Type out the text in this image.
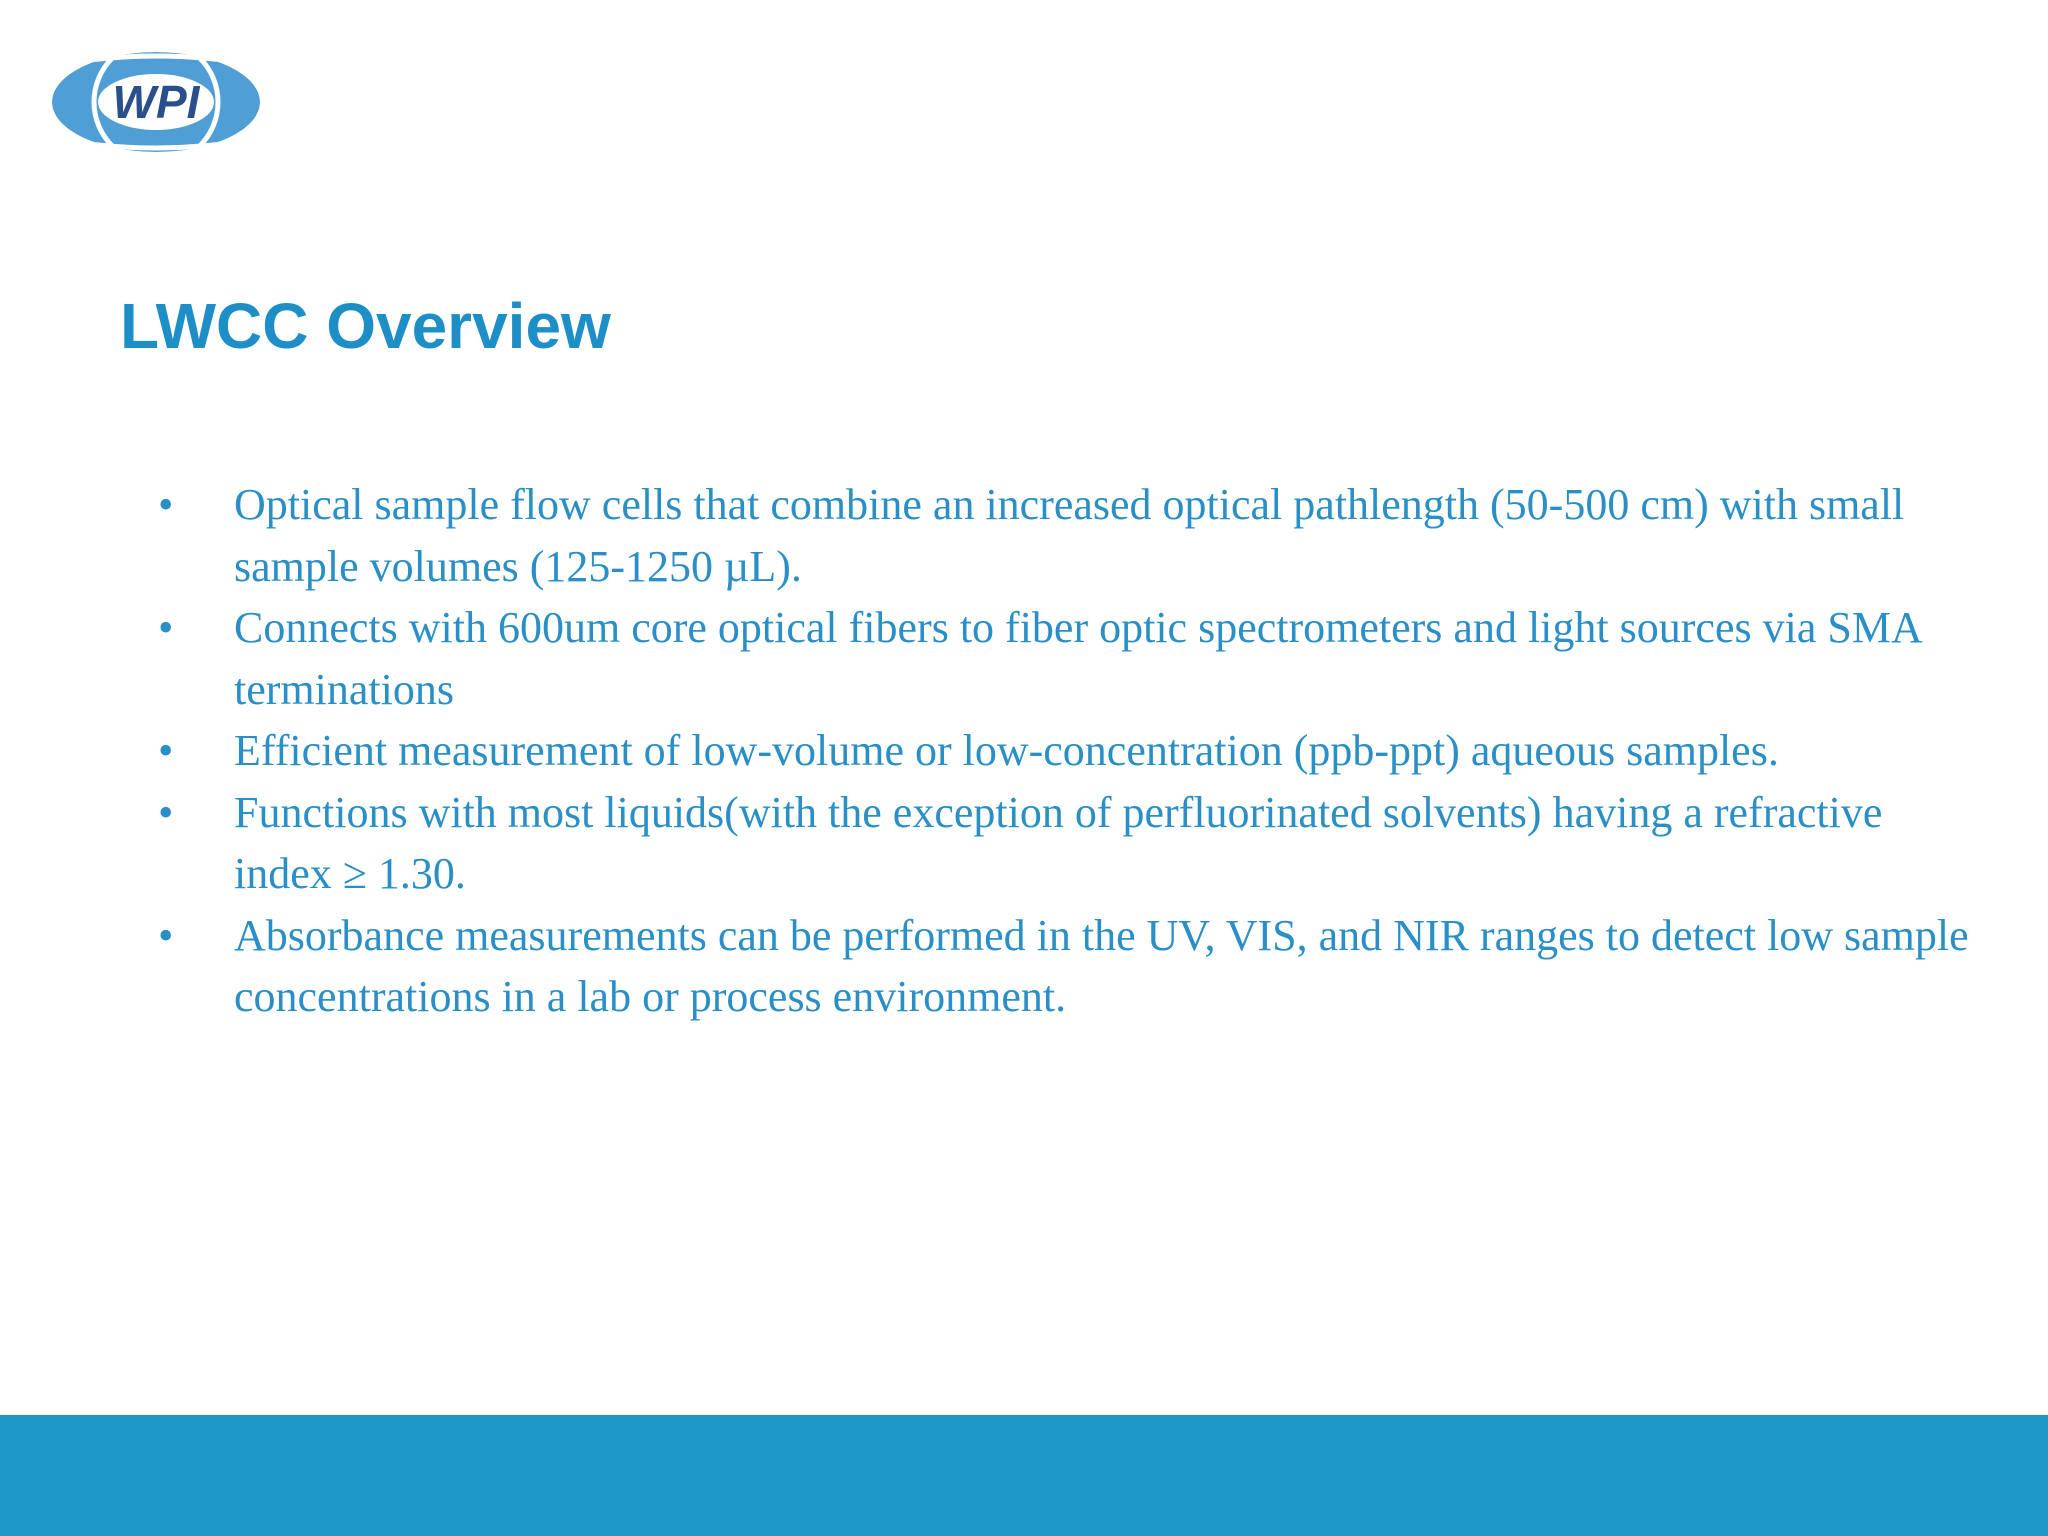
WPI
LWCC Overview
•	Optical sample flow cells that combine an increased optical pathlength (50-500 cm) with small sample volumes (125-1250 µL).
•	Connects with 600um core optical fibers to fiber optic spectrometers and light sources via SMA terminations
•	Efficient measurement of low-volume or low-concentration (ppb-ppt) aqueous samples.
•	Functions with most liquids(with the exception of perfluorinated solvents) having a refractive index ≥ 1.30.
•	Absorbance measurements can be performed in the UV, VIS, and NIR ranges to detect low sample concentrations in a lab or process environment.
